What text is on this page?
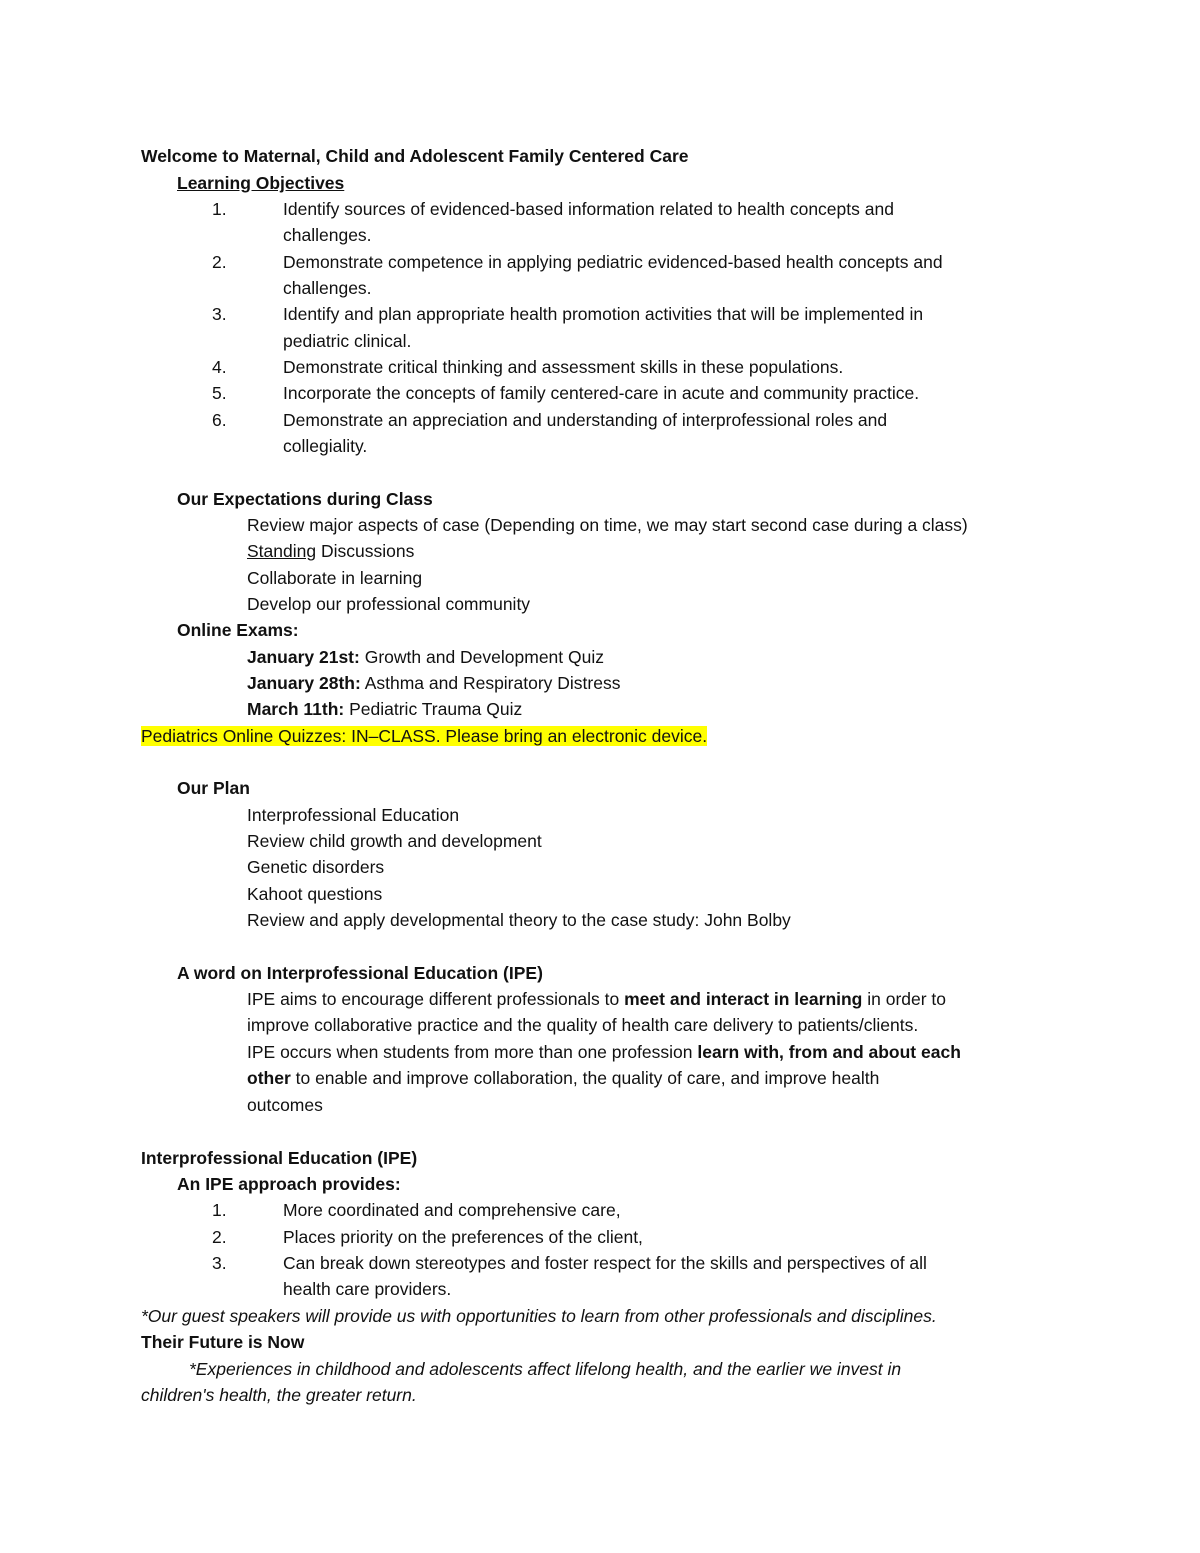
Welcome to Maternal, Child and Adolescent Family Centered Care
Learning Objectives
1.	Identify sources of evidenced-based information related to health concepts and
challenges.
2.	Demonstrate competence in applying pediatric evidenced-based health concepts and
challenges.
3.	Identify and plan appropriate health promotion activities that will be implemented in
pediatric clinical.
4.	Demonstrate critical thinking and assessment skills in these populations.
5.	Incorporate the concepts of family centered-care in acute and community practice.
6.	Demonstrate an appreciation and understanding of interprofessional roles and
collegiality.
Our Expectations during Class
Review major aspects of case (Depending on time, we may start second case during a class)
Standing Discussions
Collaborate in learning
Develop our professional community
Online Exams:
January 21st: Growth and Development Quiz
January 28th: Asthma and Respiratory Distress
March 11th: Pediatric Trauma Quiz
Pediatrics Online Quizzes: IN–CLASS. Please bring an electronic device.
Our Plan
Interprofessional Education
Review child growth and development
Genetic disorders
Kahoot questions
Review and apply developmental theory to the case study: John Bolby
A word on Interprofessional Education (IPE)
IPE aims to encourage different professionals to meet and interact in learning in order to
improve collaborative practice and the quality of health care delivery to patients/clients.
IPE occurs when students from more than one profession learn with, from and about each
other to enable and improve collaboration, the quality of care, and improve health
outcomes
Interprofessional Education (IPE)
An IPE approach provides:
1.	More coordinated and comprehensive care,
2.	Places priority on the preferences of the client,
3.	Can break down stereotypes and foster respect for the skills and perspectives of all
health care providers.
*Our guest speakers will provide us with opportunities to learn from other professionals and disciplines.
Their Future is Now
*Experiences in childhood and adolescents affect lifelong health, and the earlier we invest in
children's health, the greater return.
